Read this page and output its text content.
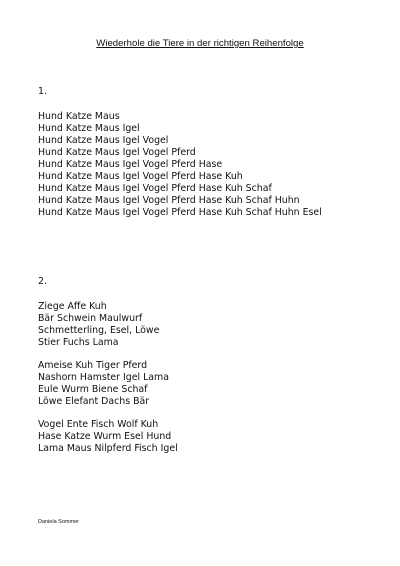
Wiederhole die Tiere in der richtigen Reihenfolge
1.
Hund Katze Maus
Hund Katze Maus Igel
Hund Katze Maus Igel Vogel
Hund Katze Maus Igel Vogel Pferd
Hund Katze Maus Igel Vogel Pferd Hase
Hund Katze Maus Igel Vogel Pferd Hase Kuh
Hund Katze Maus Igel Vogel Pferd Hase Kuh Schaf
Hund Katze Maus Igel Vogel Pferd Hase Kuh Schaf Huhn
Hund Katze Maus Igel Vogel Pferd Hase Kuh Schaf Huhn Esel
2.
Ziege Affe Kuh
Bär Schwein Maulwurf
Schmetterling, Esel, Löwe
Stier Fuchs Lama
Ameise Kuh Tiger Pferd
Nashorn Hamster Igel Lama
Eule Wurm Biene Schaf
Löwe Elefant Dachs Bär
Vogel Ente Fisch Wolf Kuh
Hase Katze Wurm Esel Hund
Lama Maus Nilpferd Fisch Igel
Daniela Sommer
